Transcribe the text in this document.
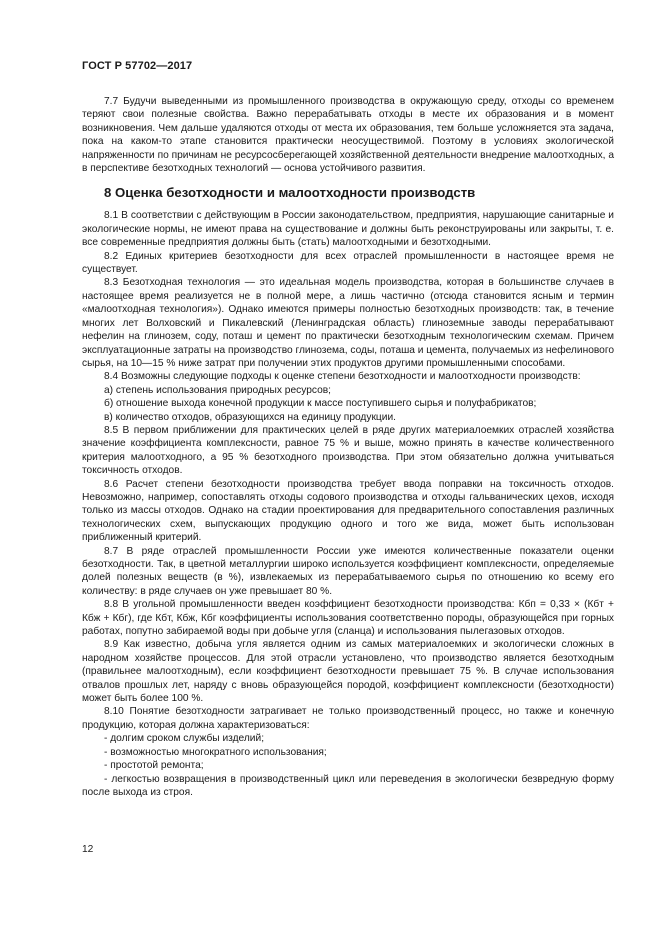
ГОСТ Р 57702—2017

7.7 Будучи выведенными из промышленного производства в окружающую среду, отходы со временем теряют свои полезные свойства. Важно перерабатывать отходы в месте их образования и в момент возникновения. Чем дальше удаляются отходы от места их образования, тем больше усложняется эта задача, пока на каком-то этапе становится практически неосуществимой. Поэтому в условиях экологической напряженности по причинам не ресурсосберегающей хозяйственной деятельности внедрение малоотходных, а в перспективе безотходных технологий — основа устойчивого развития.

8 Оценка безотходности и малоотходности производств

8.1 В соответствии с действующим в России законодательством, предприятия, нарушающие санитарные и экологические нормы, не имеют права на существование и должны быть реконструированы или закрыты, т. е. все современные предприятия должны быть (стать) малоотходными и безотходными.

8.2 Единых критериев безотходности для всех отраслей промышленности в настоящее время не существует.

8.3 Безотходная технология — это идеальная модель производства, которая в большинстве случаев в настоящее время реализуется не в полной мере, а лишь частично (отсюда становится ясным и термин «малоотходная технология»). Однако имеются примеры полностью безотходных производств: так, в течение многих лет Волховский и Пикалевский (Ленинградская область) глиноземные заводы перерабатывают нефелин на глинозем, соду, поташ и цемент по практически безотходным технологическим схемам. Причем эксплуатационные затраты на производство глинозема, соды, поташа и цемента, получаемых из нефелинового сырья, на 10—15 % ниже затрат при получении этих продуктов другими промышленными способами.

8.4 Возможны следующие подходы к оценке степени безотходности и малоотходности производств:

а) степень использования природных ресурсов;

б) отношение выхода конечной продукции к массе поступившего сырья и полуфабрикатов;

в) количество отходов, образующихся на единицу продукции.

8.5 В первом приближении для практических целей в ряде других материалоемких отраслей хозяйства значение коэффициента комплексности, равное 75 % и выше, можно принять в качестве количественного критерия малоотходного, а 95 % безотходного производства. При этом обязательно должна учитываться токсичность отходов.

8.6 Расчет степени безотходности производства требует ввода поправки на токсичность отходов. Невозможно, например, сопоставлять отходы содового производства и отходы гальванических цехов, исходя только из массы отходов. Однако на стадии проектирования для предварительного сопоставления различных технологических схем, выпускающих продукцию одного и того же вида, может быть использован приближенный критерий.

8.7 В ряде отраслей промышленности России уже имеются количественные показатели оценки безотходности. Так, в цветной металлургии широко используется коэффициент комплексности, определяемые долей полезных веществ (в %), извлекаемых из перерабатываемого сырья по отношению ко всему его количеству: в ряде случаев он уже превышает 80 %.

8.8 В угольной промышленности введен коэффициент безотходности производства: Кбп = 0,33 × (Кбт + Кбж + Кбг), где Кбт, Кбж, Кбг коэффициенты использования соответственно породы, образующейся при горных работах, попутно забираемой воды при добыче угля (сланца) и использования пылегазовых отходов.

8.9 Как известно, добыча угля является одним из самых материалоемких и экологически сложных в народном хозяйстве процессов. Для этой отрасли установлено, что производство является безотходным (правильнее малоотходным), если коэффициент безотходности превышает 75 %. В случае использования отвалов прошлых лет, наряду с вновь образующейся породой, коэффициент комплексности (безотходности) может быть более 100 %.

8.10 Понятие безотходности затрагивает не только производственный процесс, но также и конечную продукцию, которая должна характеризоваться:

- долгим сроком службы изделий;

- возможностью многократного использования;

- простотой ремонта;

- легкостью возвращения в производственный цикл или переведения в экологически безвредную форму после выхода из строя.

12
